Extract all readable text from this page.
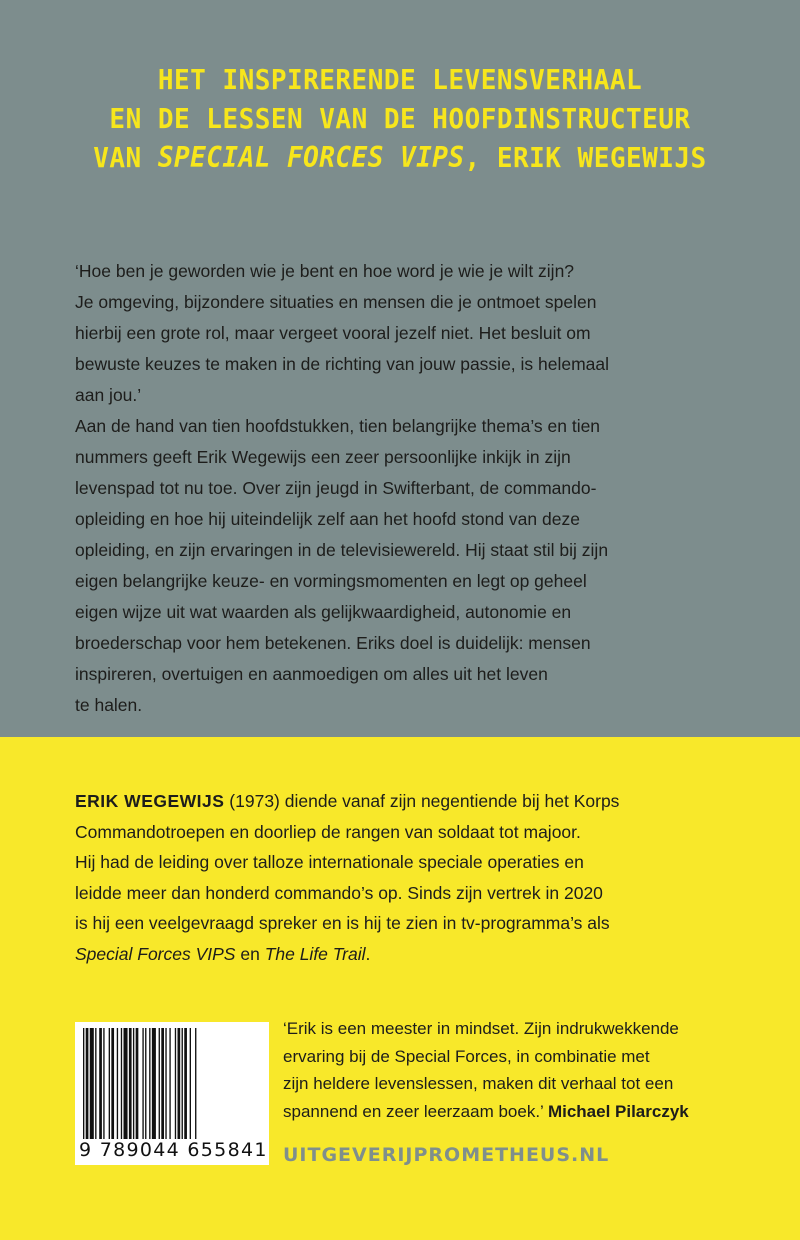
HET INSPIRERENDE LEVENSVERHAAL
EN DE LESSEN VAN DE HOOFDINSTRUCTEUR
VAN SPECIAL FORCES VIPS, ERIK WEGEWIJS
‘Hoe ben je geworden wie je bent en hoe word je wie je wilt zijn?
Je omgeving, bijzondere situaties en mensen die je ontmoet spelen
hierbij een grote rol, maar vergeet vooral jezelf niet. Het besluit om
bewuste keuzes te maken in de richting van jouw passie, is helemaal
aan jou.’
Aan de hand van tien hoofdstukken, tien belangrijke thema’s en tien
nummers geeft Erik Wegewijs een zeer persoonlijke inkijk in zijn
levenspad tot nu toe. Over zijn jeugd in Swifterbant, de commando-
opleiding en hoe hij uiteindelijk zelf aan het hoofd stond van deze
opleiding, en zijn ervaringen in de televisiewereld. Hij staat stil bij zijn
eigen belangrijke keuze- en vormingsmomenten en legt op geheel
eigen wijze uit wat waarden als gelijkwaardigheid, autonomie en
broederschap voor hem betekenen. Eriks doel is duidelijk: mensen
inspireren, overtuigen en aanmoedigen om alles uit het leven
te halen.
ERIK WEGEWIJS (1973) diende vanaf zijn negentiende bij het Korps
Commandotroepen en doorliep de rangen van soldaat tot majoor.
Hij had de leiding over talloze internationale speciale operaties en
leidde meer dan honderd commando’s op. Sinds zijn vertrek in 2020
is hij een veelgevraagd spreker en is hij te zien in tv-programma’s als
Special Forces VIPS en The Life Trail.
9 789044 655841
‘Erik is een meester in mindset. Zijn indrukwekkende
ervaring bij de Special Forces, in combinatie met
zijn heldere levenslessen, maken dit verhaal tot een
spannend en zeer leerzaam boek.’ Michael Pilarczyk
UITGEVERIJPROMETHEUS.NL
